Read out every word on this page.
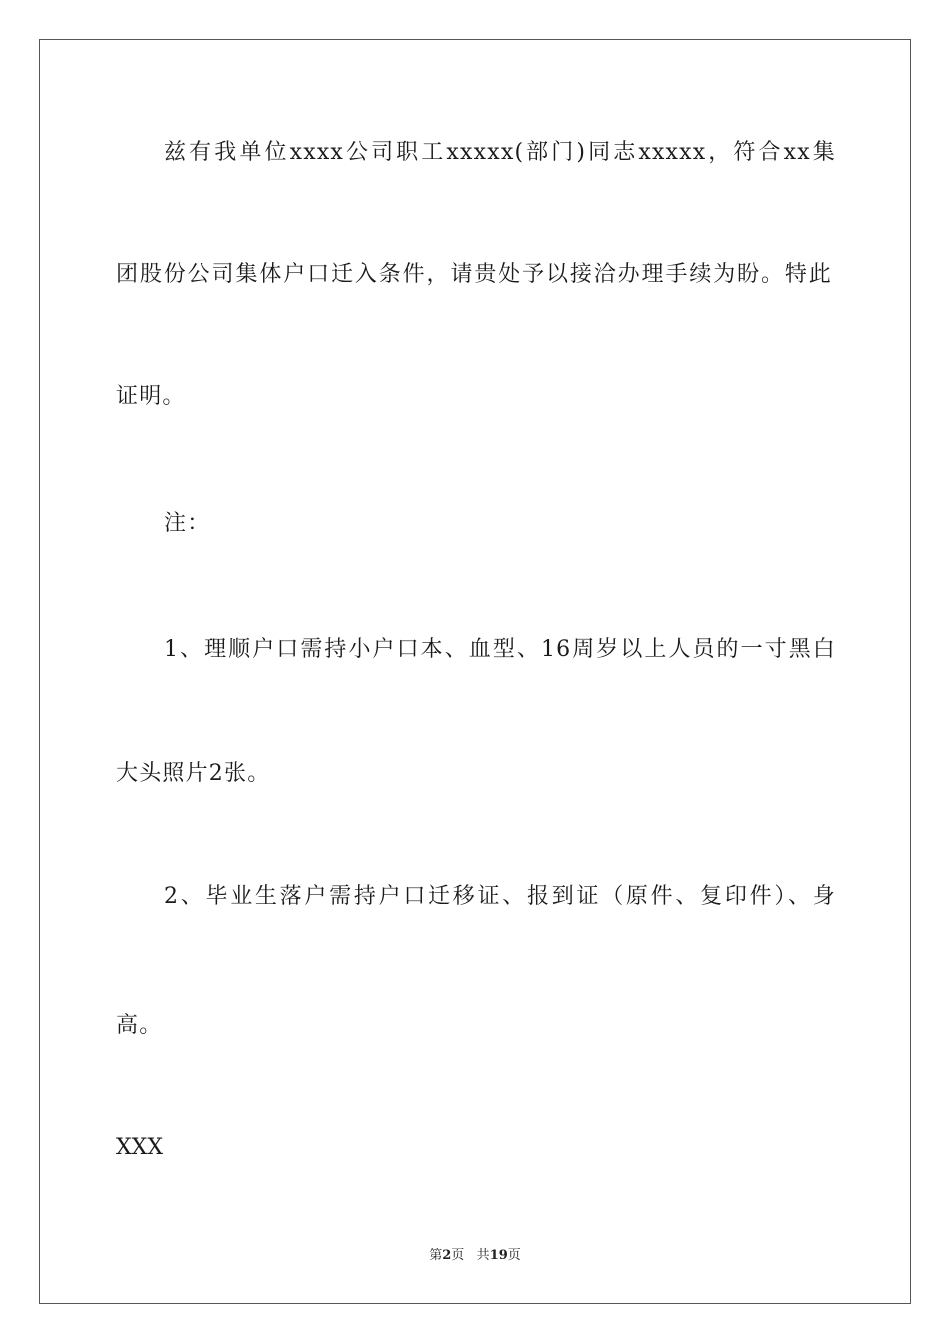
兹有我单位xxxx公司职工xxxxx(部门)同志xxxxx，符合xx集
团股份公司集体户口迁入条件，请贵处予以接洽办理手续为盼。特此
证明。
注：
1、理顺户口需持小户口本、血型、16周岁以上人员的一寸黑白
大头照片2张。
2、毕业生落户需持户口迁移证、报到证（原件、复印件）、身
高。
XXX
第2页 共19页
